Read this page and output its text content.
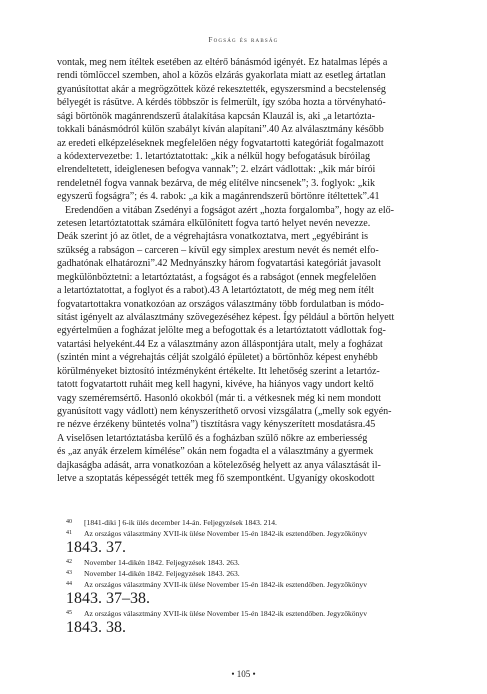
Fogság és rabság
vontak, meg nem ítéltek esetében az eltérő bánásmód igényét. Ez hatalmas lépés a
rendi tömlöccel szemben, ahol a közös elzárás gyakorlata miatt az esetleg ártatlan
gyanúsítottat akár a megrögzöttek közé rekesztették, egyszersmind a becstelenség
bélyegét is rásütve. A kérdés többször is felmerült, így szóba hozta a törvényható-
sági börtönök magánrendszerű átalakítása kapcsán Klauzál is, aki „a letartózta-
tokkali bánásmódról külön szabályt kíván alapítani”.40 Az alválasztmány később
az eredeti elképzeléseknek megfelelően négy fogvatartotti kategóriát fogalmazott
a kódextervezetbe: 1. letartóztatottak: „kik a nélkül hogy befogatásuk bíróilag
elrendeltetett, ideiglenesen befogva vannak”; 2. elzárt vádlottak: „kik már bírói
rendeletnél fogva vannak bezárva, de még elítélve nincsenek”; 3. foglyok: „kik
egyszerű fogságra”; és 4. rabok: „a kik a magánrendszerű börtönre ítéltettek”.41
Eredendően a vitában Zsedényi a fogságot azért „hozta forgalomba”, hogy az elő-
zetesen letartóztatottak számára elkülönített fogva tartó helyet nevén nevezze.
Deák szerint jó az ötlet, de a végrehajtásra vonatkoztatva, mert „egyébiránt is
szükség a rabságon – carceren – kívül egy simplex arestum nevét és nemét elfo-
gadhatónak elhatározni”.42 Mednyánszky három fogvatartási kategóriát javasolt
megkülönböztetni: a letartóztatást, a fogságot és a rabságot (ennek megfelelően
a letartóztatottat, a foglyot és a rabot).43 A letartóztatott, de még meg nem ítélt
fogvatartottakra vonatkozóan az országos választmány több fordulatban is módo-
sítást igényelt az alválasztmány szövegezéséhez képest. Így például a börtön helyett
egyértelműen a fogházat jelölte meg a befogottak és a letartóztatott vádlottak fog-
vatartási helyeként.44 Ez a választmány azon álláspontjára utalt, mely a fogházat
(szintén mint a végrehajtás célját szolgáló épületet) a börtönhöz képest enyhébb
körülményeket biztosító intézményként értékelte. Itt lehetőség szerint a letartóz-
tatott fogvatartott ruháit meg kell hagyni, kivéve, ha hiányos vagy undort keltő
vagy szeméremsértő. Hasonló okokból (már ti. a vétkesnek még ki nem mondott
gyanúsított vagy vádlott) nem kényszeríthető orvosi vizsgálatra („melly sok egyén-
re nézve érzékeny büntetés volna”) tisztításra vagy kényszerített mosdatásra.45
A viselősen letartóztatásba kerülő és a fogházban szülő nőkre az emberiesség
és „az anyák érzelem kímélése” okán nem fogadta el a választmány a gyermek
dajkaságba adását, arra vonatkozóan a kötelezőség helyett az anya választását il-
letve a szoptatás képességét tették meg fő szempontként. Ugyanígy okoskodott
40	[1841-diki ] 6-ik ülés december 14-án. Feljegyzések 1843. 214.
41	Az országos választmány XVII-ik ülése November 15-én 1842-ik esztendőben. Jegyzőkönyv
1843. 37.
42	November 14-dikén 1842. Feljegyzések 1843. 263.
43	November 14-dikén 1842. Feljegyzések 1843. 263.
44	Az országos választmány XVII-ik ülése November 15-én 1842-ik esztendőben. Jegyzőkönyv
1843. 37–38.
45	Az országos választmány XVII-ik ülése November 15-én 1842-ik esztendőben. Jegyzőkönyv
1843. 38.
• 105 •
